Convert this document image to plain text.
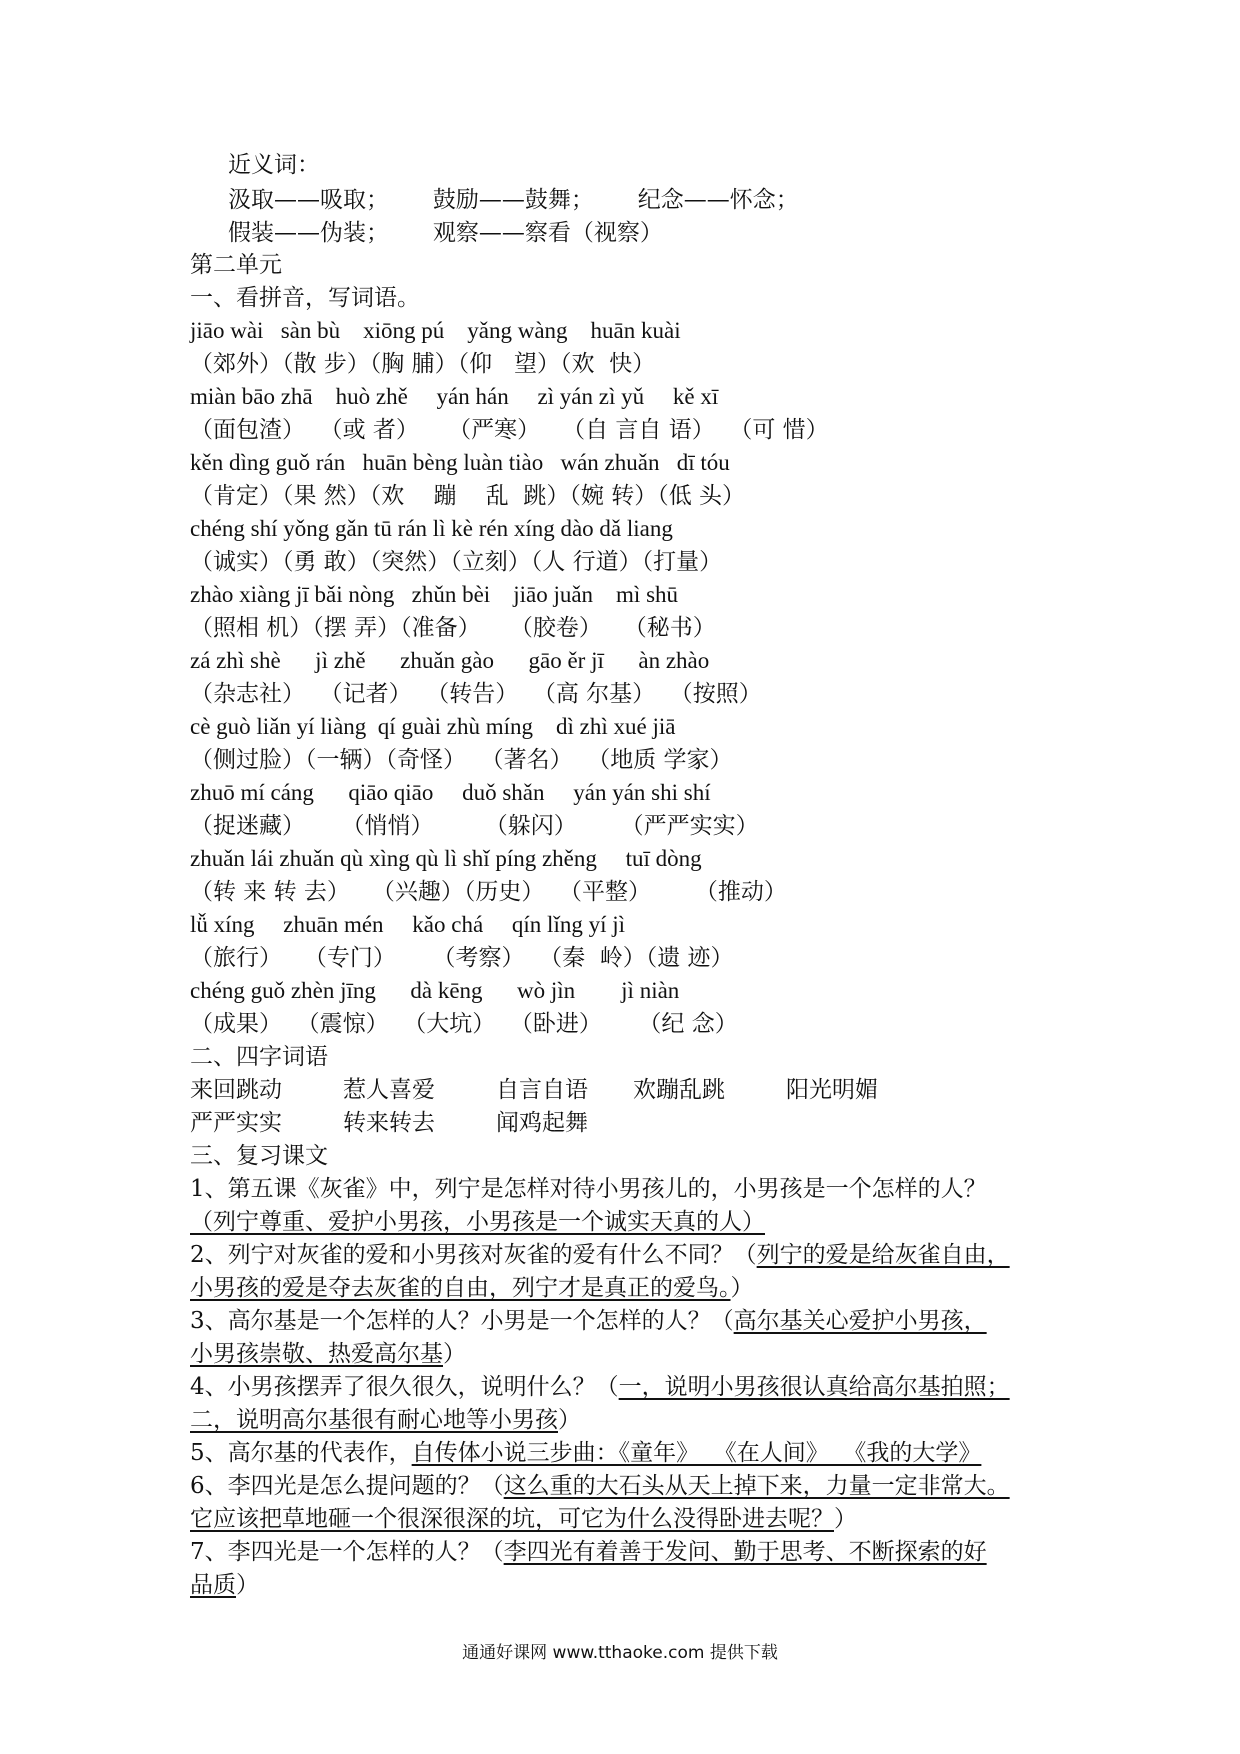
近义词：
汲取——吸取；      鼓励——鼓舞；      纪念——怀念；
假装——伪装；      观察——察看（视察）
第二单元
一、看拼音，写词语。
jiāo wài   sàn bù    xiōng pú    yǎng wàng    huān kuài
（郊外）（散 步）（胸 脯）（仰   望）（欢  快）
miàn bāo zhā    huò zhě     yán hán     zì yán zì yǔ     kě xī
（面包渣）  （或 者）    （严寒）   （自 言自 语）  （可 惜）
kěn dìng guǒ rán   huān bèng luàn tiào   wán zhuǎn   dī tóu
（肯定）（果 然）（欢    蹦    乱  跳）（婉 转）（低 头）
chéng shí yǒng gǎn tū rán lì kè rén xíng dào dǎ liang
（诚实）（勇 敢）（突然）（立刻）（人 行道）（打量）
zhào xiàng jī bǎi nòng   zhǔn bèi    jiāo juǎn    mì shū
（照相 机）（摆 弄）（准备）    （胶卷）   （秘书）
zá zhì shè      jì zhě      zhuǎn gào      gāo ěr jī      àn zhào
（杂志社）  （记者）  （转告）  （高 尔基）  （按照）
cè guò liǎn yí liàng  qí guài zhù míng    dì zhì xué jiā
（侧过脸）（一辆）（奇怪）  （著名）  （地质 学家）
zhuō mí cáng      qiāo qiāo     duǒ shǎn     yán yán shi shí
（捉迷藏）     （悄悄）       （躲闪）      （严严实实）
zhuǎn lái zhuǎn qù xìng qù lì shǐ píng zhěng     tuī dòng
（转 来 转 去）   （兴趣）（历史）  （平整）      （推动）
lǚ xíng     zhuān mén     kǎo chá     qín lǐng yí jì
（旅行）   （专门）     （考察）  （秦  岭）（遗 迹）
chéng guǒ zhèn jīng      dà kēng      wò jìn        jì niàn
（成果）  （震惊）  （大坑）  （卧进）     （纪 念）
二、四字词语
来回跳动	惹人喜爱	自言自语 欢蹦乱跳	阳光明媚
严严实实	转来转去	闻鸡起舞
三、复习课文
1、第五课《灰雀》中，列宁是怎样对待小男孩儿的，小男孩是一个怎样的人？
（列宁尊重、爱护小男孩，小男孩是一个诚实天真的人）
2、列宁对灰雀的爱和小男孩对灰雀的爱有什么不同？（列宁的爱是给灰雀自由，
小男孩的爱是夺去灰雀的自由，列宁才是真正的爱鸟。）
3、高尔基是一个怎样的人？小男是一个怎样的人？（高尔基关心爱护小男孩，
小男孩崇敬、热爱高尔基）
4、小男孩摆弄了很久很久，说明什么？（一，说明小男孩很认真给高尔基拍照；
二，说明高尔基很有耐心地等小男孩）
5、高尔基的代表作，自传体小说三步曲：《童年》  《在人间》  《我的大学》
6、李四光是怎么提问题的？（这么重的大石头从天上掉下来，力量一定非常大。
它应该把草地砸一个很深很深的坑，可它为什么没得卧进去呢？）
7、李四光是一个怎样的人？（李四光有着善于发问、勤于思考、不断探索的好
品质）
通通好课网 www.tthaoke.com 提供下载
